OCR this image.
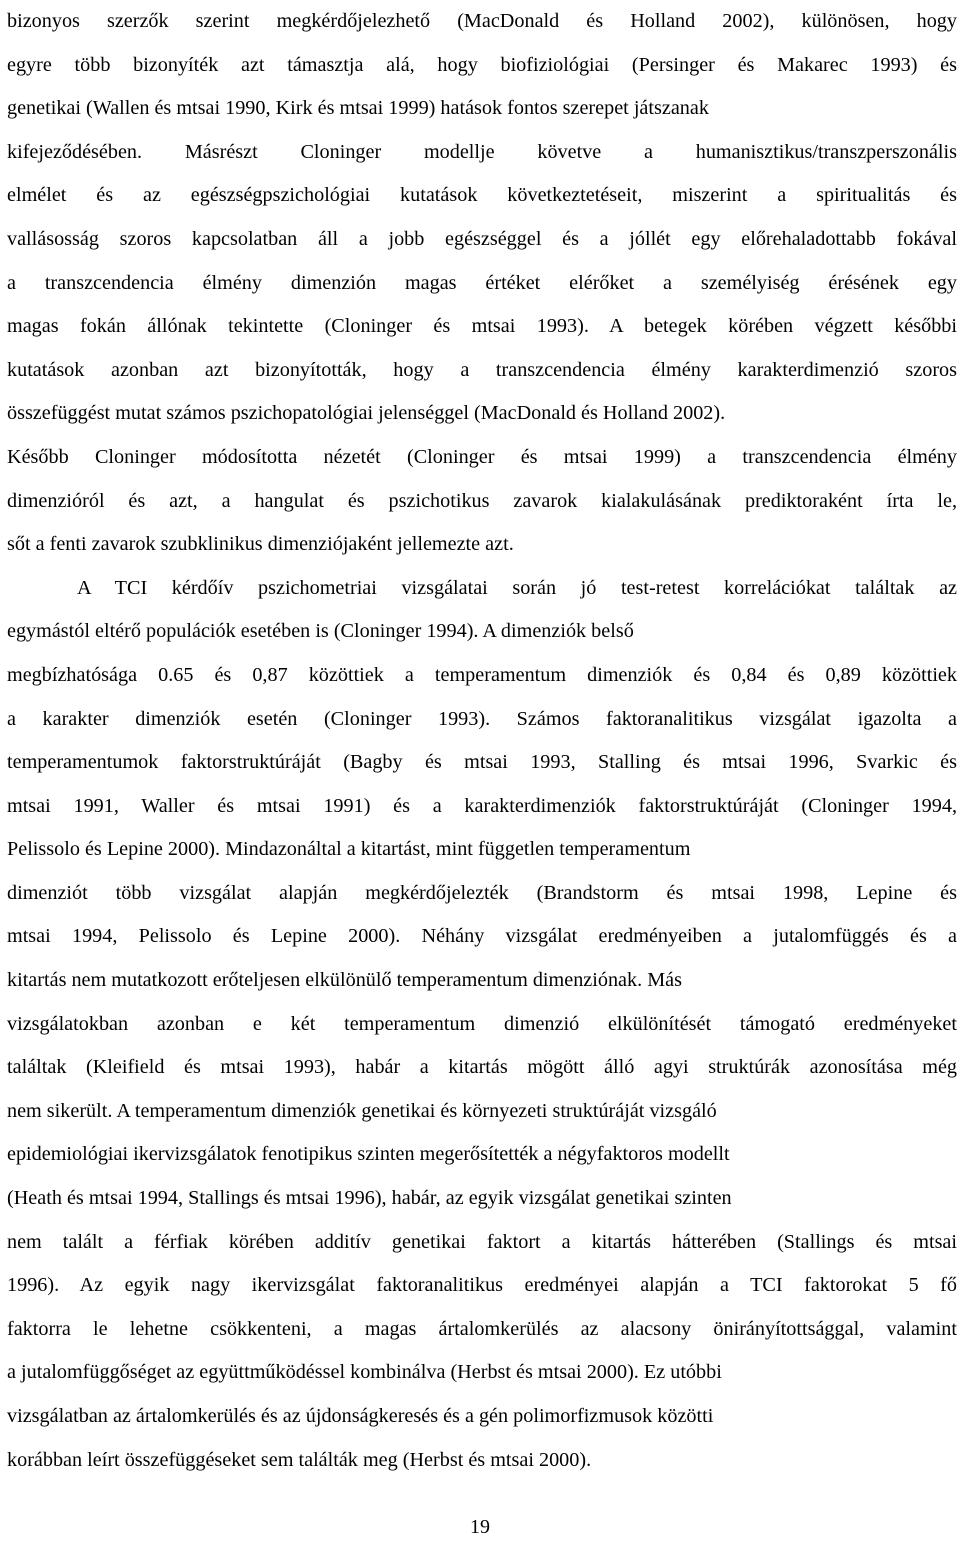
bizonyos szerzők szerint megkérdőjelezhető (MacDonald és Holland 2002), különösen, hogy
egyre több bizonyíték azt támasztja alá, hogy biofiziológiai (Persinger és Makarec 1993) és
genetikai (Wallen és mtsai 1990, Kirk és mtsai 1999) hatások fontos szerepet játszanak
kifejeződésében. Másrészt Cloninger modellje követve a humanisztikus/transzperszonális
elmélet és az egészségpszichológiai kutatások következtetéseit, miszerint a spiritualitás és
vallásosság szoros kapcsolatban áll a jobb egészséggel és a jóllét egy előrehaladottabb fokával
a transzcendencia élmény dimenzión magas értéket elérőket a személyiség érésének egy
magas fokán állónak tekintette (Cloninger és mtsai 1993). A betegek körében végzett későbbi
kutatások azonban azt bizonyították, hogy a transzcendencia élmény karakterdimenzió szoros
összefüggést mutat számos pszichopatológiai jelenséggel (MacDonald és Holland 2002).
Később Cloninger módosította nézetét (Cloninger és mtsai 1999) a transzcendencia élmény
dimenzióról és azt, a hangulat és pszichotikus zavarok kialakulásának prediktoraként írta le,
sőt a fenti zavarok szubklinikus dimenziójaként jellemezte azt.
A TCI kérdőív pszichometriai vizsgálatai során jó test-retest korrelációkat találtak az
egymástól eltérő populációk esetében is (Cloninger 1994). A dimenziók belső
megbízhatósága 0.65 és 0,87 közöttiek a temperamentum dimenziók és 0,84 és 0,89 közöttiek
a karakter dimenziók esetén (Cloninger 1993). Számos faktoranalitikus vizsgálat igazolta a
temperamentumok faktorstruktúráját (Bagby és mtsai 1993, Stalling és mtsai 1996, Svarkic és
mtsai 1991, Waller és mtsai 1991) és a karakterdimenziók faktorstruktúráját (Cloninger 1994,
Pelissolo és Lepine 2000). Mindazonáltal a kitartást, mint független temperamentum
dimenziót több vizsgálat alapján megkérdőjelezték (Brandstorm és mtsai 1998, Lepine és
mtsai 1994, Pelissolo és Lepine 2000). Néhány vizsgálat eredményeiben a jutalomfüggés és a
kitartás nem mutatkozott erőteljesen elkülönülő temperamentum dimenziónak. Más
vizsgálatokban azonban e két temperamentum dimenzió elkülönítését támogató eredményeket
találtak (Kleifield és mtsai 1993), habár a kitartás mögött álló agyi struktúrák azonosítása még
nem sikerült. A temperamentum dimenziók genetikai és környezeti struktúráját vizsgáló
epidemiológiai ikervizsgálatok fenotipikus szinten megerősítették a négyfaktoros modellt
(Heath és mtsai 1994, Stallings és mtsai 1996), habár, az egyik vizsgálat genetikai szinten
nem talált a férfiak körében additív genetikai faktort a kitartás hátterében (Stallings és mtsai
1996). Az egyik nagy ikervizsgálat faktoranalitikus eredményei alapján a TCI faktorokat 5 fő
faktorra le lehetne csökkenteni, a magas ártalomkerülés az alacsony önirányítottsággal, valamint
a jutalomfüggőséget az együttműködéssel kombinálva (Herbst és mtsai 2000). Ez utóbbi
vizsgálatban az ártalomkerülés és az újdonságkeresés és a gén polimorfizmusok közötti
korábban leírt összefüggéseket sem találták meg (Herbst és mtsai 2000).
19
